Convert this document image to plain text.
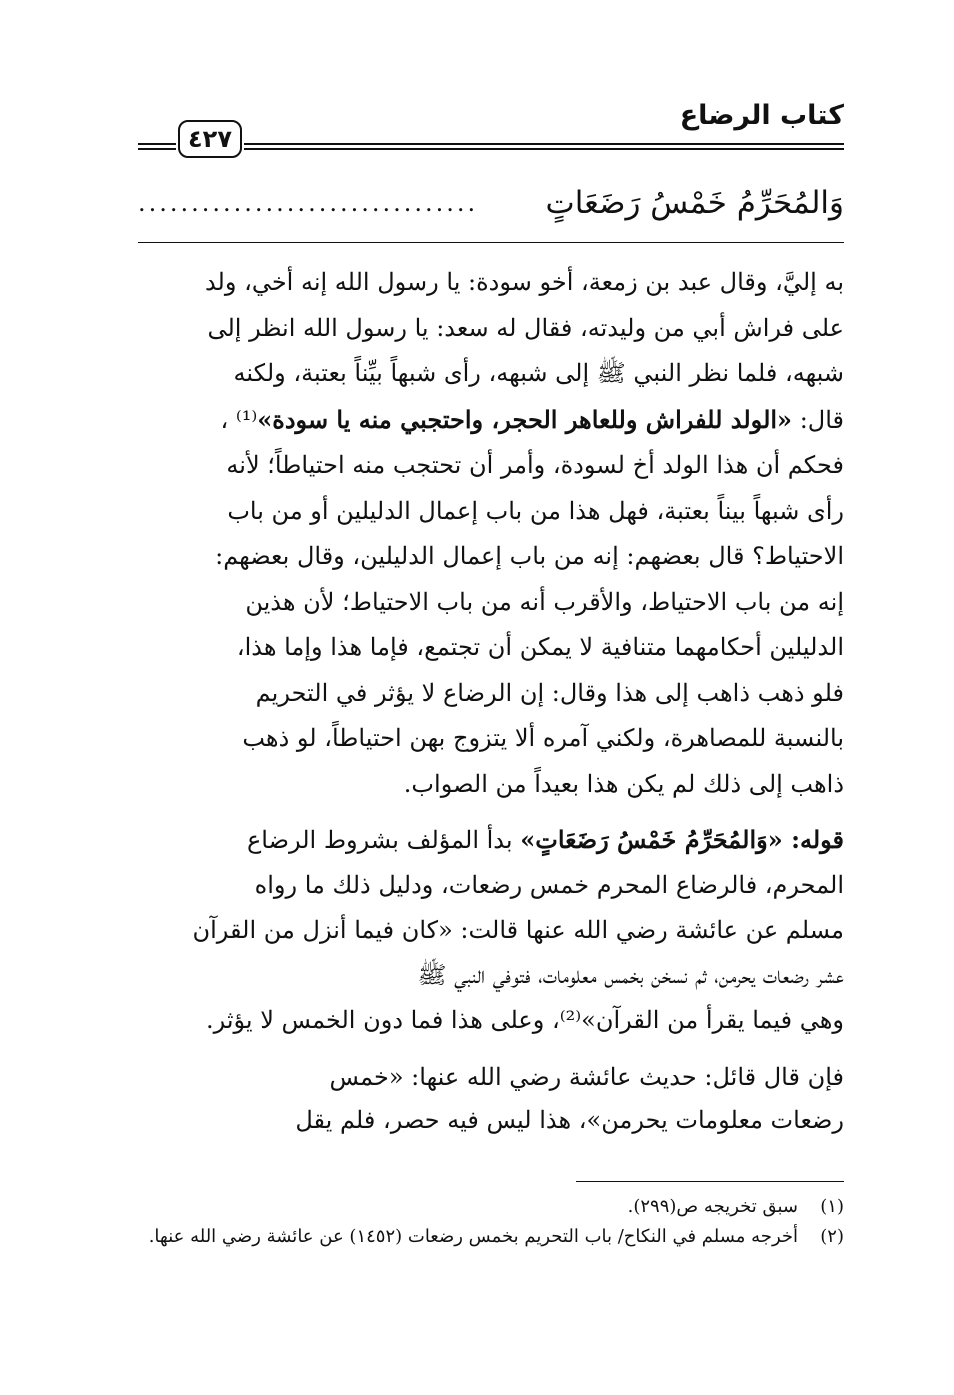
كتاب الرضاع
٤٢٧
وَالمُحَرِّمُ خَمْسُ رَضَعَاتٍ
................................

به إليَّ، وقال عبد بن زمعة، أخو سودة: يا رسول الله إنه أخي، ولد
على فراش أبي من وليدته، فقال له سعد: يا رسول الله انظر إلى
شبهه، فلما نظر النبي ﷺ إلى شبهه، رأى شبهاً بيِّناً بعتبة، ولكنه
قال: «الولد للفراش وللعاهر الحجر، واحتجبي منه يا سودة»⁽¹⁾ ،
فحكم أن هذا الولد أخ لسودة، وأمر أن تحتجب منه احتياطاً؛ لأنه
رأى شبهاً بيناً بعتبة، فهل هذا من باب إعمال الدليلين أو من باب
الاحتياط؟ قال بعضهم: إنه من باب إعمال الدليلين، وقال بعضهم:
إنه من باب الاحتياط، والأقرب أنه من باب الاحتياط؛ لأن هذين
الدليلين أحكامهما متنافية لا يمكن أن تجتمع، فإما هذا وإما هذا،
فلو ذهب ذاهب إلى هذا وقال: إن الرضاع لا يؤثر في التحريم
بالنسبة للمصاهرة، ولكني آمره ألا يتزوج بهن احتياطاً، لو ذهب
ذاهب إلى ذلك لم يكن هذا بعيداً من الصواب.

قوله: «وَالمُحَرِّمُ خَمْسُ رَضَعَاتٍ» بدأ المؤلف بشروط الرضاع
المحرم، فالرضاع المحرم خمس رضعات، ودليل ذلك ما رواه
مسلم عن عائشة رضي الله عنها قالت: «كان فيما أنزل من القرآن
عشر رضعات يحرمن، ثم نسخن بخمس معلومات، فتوفي النبي ﷺ
وهي فيما يقرأ من القرآن»⁽²⁾، وعلى هذا فما دون الخمس لا يؤثر.

فإن قال قائل: حديث عائشة رضي الله عنها: «خمس
رضعات معلومات يحرمن»، هذا ليس فيه حصر، فلم يقل

(١)
سبق تخريجه ص(٢٩٩).
(٢)
أخرجه مسلم في النكاح/ باب التحريم بخمس رضعات (١٤٥٢) عن عائشة رضي الله عنها.
